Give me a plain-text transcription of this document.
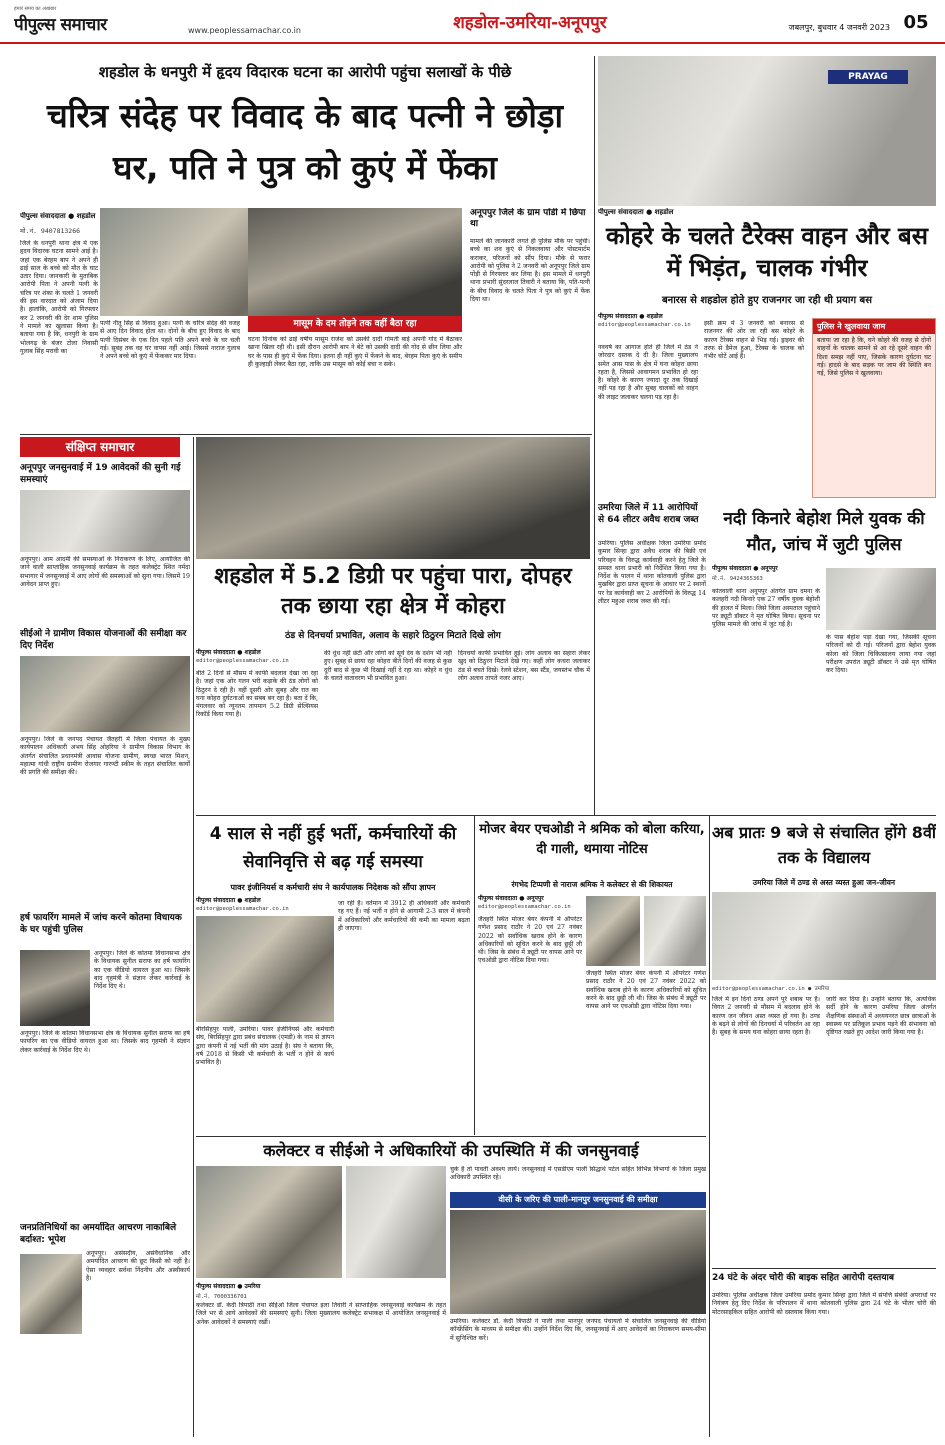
हमारे समय का अखबार
पीपुल्स समाचार	www.peoplessamachar.co.in	शहडोल-उमरिया-अनूपपुर	जबलपुर, बुधवार 4 जनवरी 2023 05
शहडोल के धनपुरी में हृदय विदारक घटना का आरोपी पहुंचा सलाखों के पीछे
चरित्र संदेह पर विवाद के बाद पत्नी ने छोड़ा घर, पति ने पुत्र को कुएं में फेंका
पीपुल्स संवाददाता ● शहडोल
मो.नं. 9407813266
जिले के धनपुरी थाना क्षेत्र में एक हृदय विदारक घटना सामने आई है। जहां एक बेरहम बाप ने अपने ही ढाई साल के बच्चे को मौत के घाट उतार दिया। जानकारी के मुताबिक आरोपी पिता ने अपनी पत्नी के चरित्र पर शंका के चलते 1 जनवरी की इस वारदात को अंजाम दिया है। हालांकि, आरोपी को गिरफ्तार कर 2 जनवरी की देर शाम पुलिस ने मामले का खुलासा किया है। बताया गया है कि, धनपुरी के ग्राम भोलगढ़ के बंजर टोला निवासी गुलाब सिंह मरावी का
पत्नी नीतू सिंह से विवाद हुआ। पत्नी के चरित्र संदेह की वजह से आए दिन विवाद होता था। दोनों के बीच हुए विवाद के बाद पत्नी दिसंबर के एक दिन पहले पति अपने बच्चे के घर चली गई। सुबह तक वह घर वापस नहीं आई। जिससे नाराज गुलाब ने अपने बच्चे को कुएं में फेंककर मार दिया।
मासूम के दम तोड़ने तक वहीं बैठा रहा
घटना दिनांक को ढाई वर्षीय मासूम राजेश को उसकी दादी गोमती बाई अपनी गोद में बैठाकर खाना खिला रही थी। इसी दौरान आरोपी बाप ने बेटे को उसकी दादी की गोद से छीन लिया और घर के पास ही कुएं में फेंक दिया। इतना ही नहीं कुएं में फेंकने के बाद, बेरहम पिता कुएं के समीप ही कुल्हाड़ी लेकर बैठा रहा, ताकि उस मासूम को कोई बचा न सके।
अनूपपुर जिले के ग्राम पोंडी में छिपा था
मामले की जानकारी लगते ही पुलिस मौके पर पहुंची। बच्चे का शव कुएं से निकलवाया और पोस्टमार्टम कराकर, परिजनों को सौंप दिया। मौके से फरार आरोपी को पुलिस ने 2 जनवरी को अनूपपुर जिले ग्राम पोंड़ी से गिरफ्तार कर लिया है। इस मामले में धनपुरी थाना प्रभारी सुंदरलाल तिवारी ने बताया कि, पति-पत्नी के बीच विवाद के चलते पिता ने पुत्र को कुएं में फेंक दिया था।
PRAYAG
पीपुल्स संवाददाता ● शहडोल
कोहरे के चलते टैरेक्स वाहन और बस में भिड़ंत, चालक गंभीर
बनारस से शहडोल होते हुए राजनगर जा रही थी प्रयाग बस
पीपुल्स संवाददाता ● शहडोल
editor@peoplessamachar.co.in
नववर्ष का आगाज होते ही जिले में ठंड ने जोरदार दस्तक दे दी है। जिला मुख्यालय समेत आस पास के क्षेत्र में घना कोहरा छाया रहता है, जिससे आवागमन प्रभावित हो रहा है। कोहरे के कारण ज्यादा दूर तक दिखाई नहीं पड़ रहा है और सुबह चालकों को वाहन की लाइट जलाकर चलना पड़ रहा है।
इसी क्रम में 3 जनवरी को बनारस से राजनगर की ओर जा रही बस कोहरे के कारण टैरेक्स वाहन से भिड़ गई। ड्राइवर की तरफ से डैमेज हुआ, टैरेक्स के चालक को गंभीर चोटें आई हैं।
पुलिस ने खुलवाया जाम
बताया जा रहा है कि, घने कोहरे की वजह से दोनों वाहनों के चालक सामने से आ रहे दूसरे वाहन की दिशा समझ नहीं पाए, जिसके कारण दुर्घटना घट गई। हादसे के बाद सड़क पर जाम की स्थिति बन गई, जिसे पुलिस ने खुलवाया।
संक्षिप्त समाचार
अनूपपुर जनसुनवाई में 19 आवेदकों की सुनी गई समस्याएं
अनूपपुर। आम आदमी की समस्याओं के निराकरण के लिए, आयोजित की जाने वाली साप्ताहिक जनसुनवाई कार्यक्रम के तहत कलेक्ट्रेट स्थित नर्मदा सभागार में जनसुनवाई में आए लोगों की समस्याओं को सुना गया। जिसमें 19 आवेदन प्राप्त हुए।
सीईओ ने ग्रामीण विकास योजनाओं की समीक्षा कर दिए निर्देश
अनूपपुर। जिले के जनपद पंचायत जैतहरी में जिला पंचायत के मुख्य कार्यपालन अधिकारी अभय सिंह ओहरिया ने ग्रामीण विकास विभाग के अंतर्गत संचालित प्रधानमंत्री आवास योजना ग्रामीण, स्वच्छ भारत मिशन, महात्मा गांधी राष्ट्रीय ग्रामीण रोजगार गारण्टी स्कीम के तहत संचालित कार्यों की प्रगति की समीक्षा की।
हर्ष फायरिंग मामले में जांच करने कोतमा विधायक के घर पहुंची पुलिस
अनूपपुर। जिले के कोतमा विधानसभा क्षेत्र के विधायक सुनील सराफ का हर्ष फायरिंग का एक वीडियो वायरल हुआ था। जिसके बाद गृहमंत्री ने संज्ञान लेकर कार्रवाई के निर्देश दिए थे।
अनूपपुर। जिले के कोतमा विधानसभा क्षेत्र के विधायक सुनील सराफ का हर्ष फायरिंग का एक वीडियो वायरल हुआ था। जिसके बाद गृहमंत्री ने संज्ञान लेकर कार्रवाई के निर्देश दिए थे।
जनप्रतिनिधियों का अमर्यादित आचरण नाकाबिले बर्दाश्त: भूपेश
अनूपपुर। असंसदीय, असंवैधानिक और अमर्यादित आचरण की छूट किसी को नहीं है। ऐसा व्यवहार सर्वथा निंदनीय और अस्वीकार्य है।
शहडोल में 5.2 डिग्री पर पहुंचा पारा, दोपहर तक छाया रहा क्षेत्र में कोहरा
ठंड से दिनचर्या प्रभावित, अलाव के सहारे ठिठुरन मिटाते दिखे लोग
पीपुल्स संवाददाता ● शहडोल
editor@peoplessamachar.co.in
बीते 2 दिनों से मौसम में काफी बदलाव देखा जा रहा है। जहां एक ओर गलन भरी कड़ाके की ठंड लोगों को ठिठुरन दे रही है। वहीं दूसरी ओर सुबह और रात का घना कोहरा दुर्घटनाओं का सबब बन रहा है। बता दें कि, मंगलवार को न्यूनतम तापमान 5.2 डिग्री सेल्सियस रिकॉर्ड किया गया है।
की धुंध नहीं छंटी और लोगों को सूर्य देव के दर्शन भी नहीं हुए। सुबह से छाया रहा कोहरा बीते दिनों की वजह से कुछ दूरी बाद से कुछ भी दिखाई नहीं दे रहा था। कोहरे व धुंध के चलते वातावरण भी प्रभावित हुआ।
दिनचर्या काफी प्रभावित हुई। लोग अलाव का सहारा लेकर खुद को ठिठुरन मिटाते देखे गए। कहीं लोग कचरा जलाकर ठंड से बचते दिखे। रेलवे स्टेशन, बस स्टैंड, जयस्तंभ चौक में लोग अलाव तापते नजर आए।
उमरिया जिले में 11 आरोपियों से 64 लीटर अवैध शराब जब्त
उमरिया। पुलिस अधीक्षक जिला उमरिया प्रमोद कुमार सिन्हा द्वारा अवैध शराब की बिक्री एवं परिवहन के विरुद्ध कार्यवाही करने हेतु जिले के समस्त थाना प्रभारी को निर्देशित किया गया है। निर्देश के पालन में थाना कोतवाली पुलिस द्वारा मुखबिर द्वारा प्राप्त सूचना के आधार पर 2 स्थानों पर रेड कार्यवाही कर 2 आरोपियों के विरुद्ध 14 लीटर महुआ शराब जब्त की गई।
नदी किनारे बेहोश मिले युवक की मौत, जांच में जुटी पुलिस
पीपुल्स संवाददाता ● अनूपपुर
मो.नं. 9424365363
कोतवाली थाना अनूपपुर अंतर्गत ग्राम दमना के कलहरी नदी किनारे एक 27 वर्षीय युवक बेहोशी की हालत में मिला। जिसे जिला अस्पताल पहुंचाने पर ड्यूटी डॉक्टर ने मृत घोषित किया। सूचना पर पुलिस मामले की जांच में जुट गई है।
के पास बेहोश पड़ा देखा गया, जिसकी सूचना परिजनों को दी गई। परिजनों द्वारा बेहोश युवक कोला को जिला चिकित्सालय लाया गया जहां परीक्षण उपरांत ड्यूटी डॉक्टर ने उसे मृत घोषित कर दिया।
4 साल से नहीं हुई भर्ती, कर्मचारियों की सेवानिवृत्ति से बढ़ गई समस्या
पावर इंजीनियर्स व कर्मचारी संघ ने कार्यपालक निदेशक को सौंपा ज्ञापन
पीपुल्स संवाददाता ● शहडोल
editor@peoplessamachar.co.in
बीरसिंहपुर पाली, उमरिया। पावर इंजीनियर्स और कर्मचारी संघ, बिरसिंहपुर द्वारा प्रबंध संचालक (एमडी) के नाम से ज्ञापन द्वारा कंपनी में नई भर्ती की मांग उठाई है। संघ ने बताया कि, वर्ष 2018 से किसी भी कर्मचारी के भर्ती न होने से कार्य प्रभावित है।
जा रही है। वर्तमान में 3912 ही अधिकारी और कर्मचारी रह गए हैं। नई भर्ती न होने से आगामी 2-3 साल में कंपनी में अधिकारियों और कर्मचारियों की कमी का मामला बढ़ता ही जाएगा।
मोजर बेयर एचओडी ने श्रमिक को बोला करिया, दी गाली, थमाया नोटिस
रंगभेद टिप्पणी से नाराज श्रमिक ने कलेक्टर से की शिकायत
पीपुल्स संवाददाता ● अनूपपुर
editor@peoplessamachar.co.in
जैतहरी स्थित मोजर बेयर कंपनी में ऑपरेटर गणेश प्रसाद राठौर ने 20 एवं 27 नवंबर 2022 को सर्वाधिक खराब होने के कारण अधिकारियों को सूचित करने के बाद छुट्टी ली थी। जिस के संबंध में ड्यूटी पर वापस आने पर एचओडी द्वारा नोटिस दिया गया।
जैतहरी स्थित मोजर बेयर कंपनी में ऑपरेटर गणेश प्रसाद राठौर ने 20 एवं 27 नवंबर 2022 को सर्वाधिक खराब होने के कारण अधिकारियों को सूचित करने के बाद छुट्टी ली थी। जिस के संबंध में ड्यूटी पर वापस आने पर एचओडी द्वारा नोटिस दिया गया।
अब प्रातः 9 बजे से संचालित होंगे 8वीं तक के विद्यालय
उमरिया जिले में ठण्ड से अस्त व्यस्त हुआ जन-जीवन
editor@peoplessamachar.co.in ● उमरिया
जिले में इन दिनों ठण्ड अपने पूरे शबाब पर है। विगत 2 जनवरी से मौसम में बदलाव होने के कारण जन जीवन अस्त व्यस्त हो गया है। ठण्ड के बढ़ने से लोगों की दिनचर्या में परिवर्तन आ रहा है। सुबह के समय घना कोहरा छाया रहता है।
जारी कर दिया है। उन्होंने बताया कि, अत्यधिक सर्दी होने के कारण उमरिया जिला अंतर्गत शैक्षणिक संस्थाओं में अध्ययनरत छात्र छात्राओं के स्वास्थ्य पर प्रतिकूल प्रभाव पड़ने की संभावना को दृष्टिगत रखते हुए आदेश जारी किया गया है।
कलेक्टर व सीईओ ने अधिकारियों की उपस्थिति में की जनसुनवाई
चुके है तो पावती अवश्य लायें। जनसुनवाई में एसडीएम पाली सिद्धार्थ पटेल सहित विभिन्न विभागों के जिला प्रमुख अधिकारी उपस्थित रहे।
वीसी के जरिए की पाली-मानपुर जनसुनवाई की समीक्षा
पीपुल्स संवाददाता ● उमरिया
मो.नं. 7000336701
कलेक्टर डॉ. केदी त्रिपाठी तथा सीईओ जिला पंचायत इला तिवारी ने साप्ताहिक जनसुनवाई कार्यक्रम के तहत जिले भर से आये आवेदकों की समस्याएं सुनी। जिला मुख्यालय कलेक्ट्रेट सभाकक्ष में आयोजित जनसुनवाई में अनेक आवेदकों ने समस्याएं रखीं।	उमरिया। कलेक्टर डॉ. केदी त्रिपाठी ने पाली तथा मानपुर जनपद पंचायतों में संचालित जनसुनवाई की वीडियो कॉन्फ्रेंसिंग के माध्यम से समीक्षा की। उन्होंने निर्देश दिए कि, जनसुनवाई में आए आवेदनों का निराकरण समय-सीमा में सुनिश्चित करें।
24 घंटे के अंदर चोरी की बाइक सहित आरोपी दस्तयाब
उमरिया। पुलिस अधीक्षक जिला उमरिया प्रमोद कुमार सिन्हा द्वारा जिले में संपत्ति संबंधी अपराधों पर नियंत्रण हेतु दिए निर्देश के परिपालन में थाना कोतवाली पुलिस द्वारा 24 घंटे के भीतर चोरी की मोटरसाइकिल सहित आरोपी को दस्तयाब किया गया।
